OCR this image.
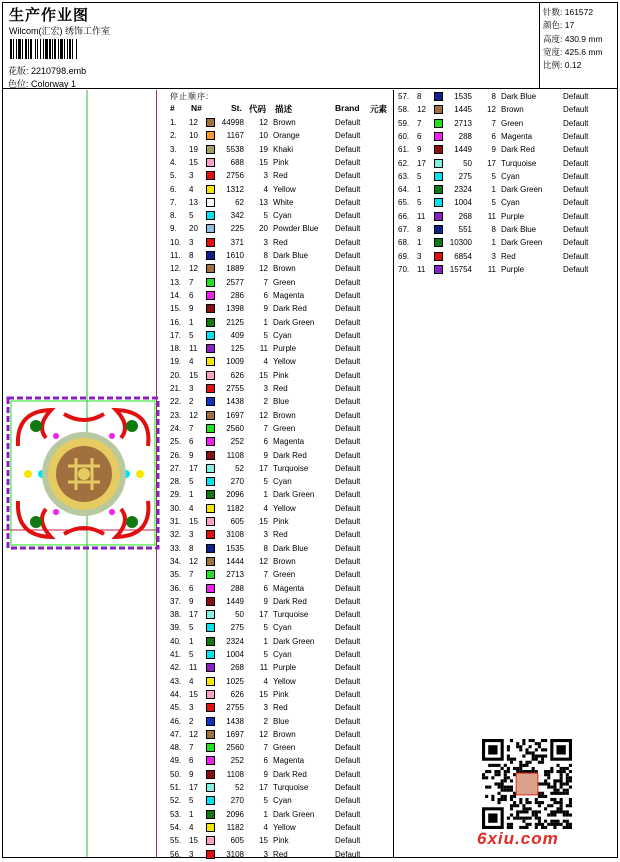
生产作业图
Wilcom(汇宏) 绣饰工作室
花版: 2210798.emb
色位: Colorway 1
针数: 161572
颜色: 17
高度: 430.9 mm
宽度: 425.6 mm
比例: 0.12
停止顺序:
# N#	St. 代码 描述	Brand 元素
1. 12	44998	12 Brown	Default
2. 10	1167	10 Orange	Default
3. 19	5538	19 Khaki	Default
4. 15	688	15 Pink	Default
5. 3	2756	3 Red	Default
6. 4	1312	4 Yellow	Default
7. 13	62	13 White	Default
8. 5	342	5 Cyan	Default
9. 20	225	20 Powder Blue Default
10. 3	371	3 Red	Default
11. 8	1610	8 Dark Blue	Default
12. 12	1889	12 Brown	Default
13. 7	2577	7 Green	Default
14. 6	286	6 Magenta	Default
15. 9	1398	9 Dark Red	Default
16. 1	2125	1 Dark Green	Default
17. 5	409	5 Cyan	Default
18. 11	125	11 Purple	Default
19. 4	1009	4 Yellow	Default
20. 15	626	15 Pink	Default
21. 3	2755	3 Red	Default
22. 2	1438	2 Blue	Default
23. 12	1697	12 Brown	Default
24. 7	2560	7 Green	Default
25. 6	252	6 Magenta	Default
26. 9	1108	9 Dark Red	Default
27. 17	52	17 Turquoise	Default
28. 5	270	5 Cyan	Default
29. 1	2096	1 Dark Green	Default
30. 4	1182	4 Yellow	Default
31. 15	605	15 Pink	Default
32. 3	3108	3 Red	Default
33. 8	1535	8 Dark Blue	Default
34. 12	1444	12 Brown	Default
35. 7	2713	7 Green	Default
36. 6	288	6 Magenta	Default
37. 9	1449	9 Dark Red	Default
38. 17	50	17 Turquoise	Default
39. 5	275	5 Cyan	Default
40. 1	2324	1 Dark Green	Default
41. 5	1004	5 Cyan	Default
42. 11	268	11 Purple	Default
43. 4	1025	4 Yellow	Default
44. 15	626	15 Pink	Default
45. 3	2755	3 Red	Default
46. 2	1438	2 Blue	Default
47. 12	1697	12 Brown	Default
48. 7	2560	7 Green	Default
49. 6	252	6 Magenta	Default
50. 9	1108	9 Dark Red	Default
51. 17	52	17 Turquoise	Default
52. 5	270	5 Cyan	Default
53. 1	2096	1 Dark Green	Default
54. 4	1182	4 Yellow	Default
55. 15	605	15 Pink	Default
56. 3	3108	3 Red	Default
57. 8	1535	8 Dark Blue	Default
58. 12	1445	12 Brown	Default
59. 7	2713	7 Green	Default
60. 6	288	6 Magenta	Default
61. 9	1449	9 Dark Red	Default
62. 17	50	17 Turquoise	Default
63. 5	275	5 Cyan	Default
64. 1	2324	1 Dark Green	Default
65. 5	1004	5 Cyan	Default
66. 11	268	11 Purple	Default
67. 8	551	8 Dark Blue	Default
68. 1	10300	1 Dark Green	Default
69. 3	6854	3 Red	Default
70. 11	15754	11 Purple	Default
6xiu.com
